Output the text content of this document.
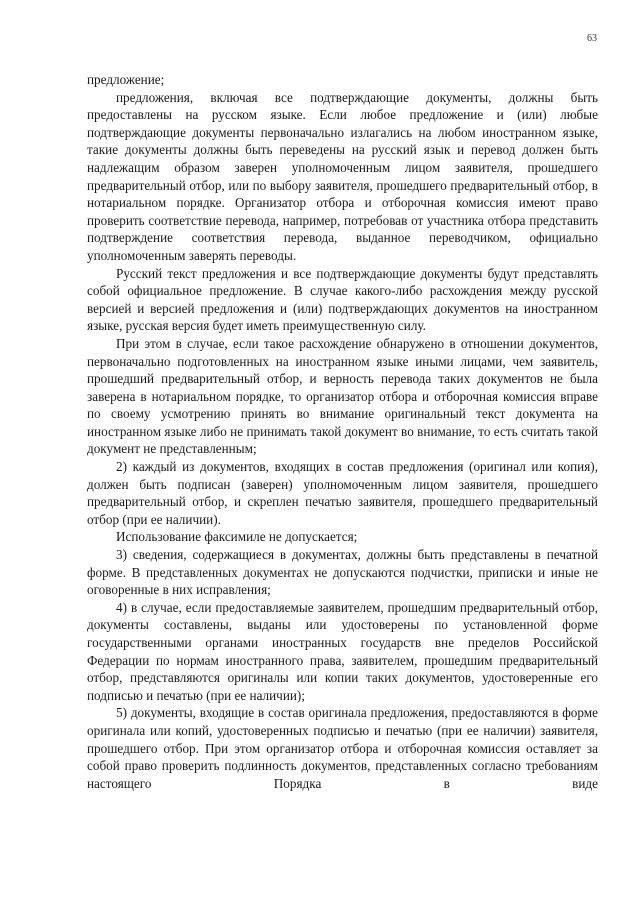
63

предложение;

предложения, включая все подтверждающие документы, должны быть предоставлены на русском языке. Если любое предложение и (или) любые подтверждающие документы первоначально излагались на любом иностранном языке, такие документы должны быть переведены на русский язык и перевод должен быть надлежащим образом заверен уполномоченным лицом заявителя, прошедшего предварительный отбор, или по выбору заявителя, прошедшего предварительный отбор, в нотариальном порядке. Организатор отбора и отборочная комиссия имеют право проверить соответствие перевода, например, потребовав от участника отбора представить подтверждение соответствия перевода, выданное переводчиком, официально уполномоченным заверять переводы.

Русский текст предложения и все подтверждающие документы будут представлять собой официальное предложение. В случае какого-либо расхождения между русской версией и версией предложения и (или) подтверждающих документов на иностранном языке, русская версия будет иметь преимущественную силу.

При этом в случае, если такое расхождение обнаружено в отношении документов, первоначально подготовленных на иностранном языке иными лицами, чем заявитель, прошедший предварительный отбор, и верность перевода таких документов не была заверена в нотариальном порядке, то организатор отбора и отборочная комиссия вправе по своему усмотрению принять во внимание оригинальный текст документа на иностранном языке либо не принимать такой документ во внимание, то есть считать такой документ не представленным;

2) каждый из документов, входящих в состав предложения (оригинал или копия), должен быть подписан (заверен) уполномоченным лицом заявителя, прошедшего предварительный отбор, и скреплен печатью заявителя, прошедшего предварительный отбор (при ее наличии).

Использование факсимиле не допускается;

3) сведения, содержащиеся в документах, должны быть представлены в печатной форме. В представленных документах не допускаются подчистки, приписки и иные не оговоренные в них исправления;

4) в случае, если предоставляемые заявителем, прошедшим предварительный отбор, документы составлены, выданы или удостоверены по установленной форме государственными органами иностранных государств вне пределов Российской Федерации по нормам иностранного права, заявителем, прошедшим предварительный отбор, представляются оригиналы или копии таких документов, удостоверенные его подписью и печатью (при ее наличии);

5) документы, входящие в состав оригинала предложения, предоставляются в форме оригинала или копий, удостоверенных подписью и печатью (при ее наличии) заявителя, прошедшего отбор. При этом организатор отбора и отборочная комиссия оставляет за собой право проверить подлинность документов, представленных согласно требованиям настоящего Порядка в виде
